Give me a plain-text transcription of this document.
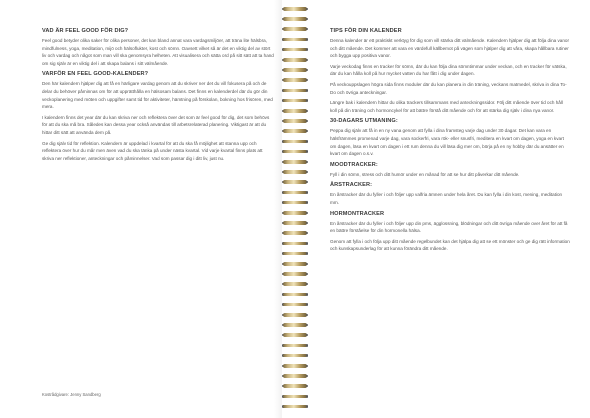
VAD ÄR FEEL GOOD FÖR DIG?

Feel good betyder olika saker för olika personer, det kan bland annat vara vardagsmiljöer, att träna lite hälsbra, mindfulness, yoga, meditation, mijö och hälsoflukter, kost och sömn. Oavsett vilket så är det en viktig del av stört liv och vardag och något som man vill ska genomsyra helheten. Att visualisera och sätta ord på sitt sätt att ta hand om sig själv är en viktig del i att skapa balans i sitt välmående.

VARFÖR EN FEEL GOOD-KALENDER?

Den här kalendern hjälper dig att få en härligare vardag genom att du skriver ner det du vill fokusera på och de delar du behöver påminnas om för att upprätthålla en hälsosam balans. Det finns en kalenderdel där du gör din veckoplanering med möten och uppgifter samt tid för aktiviteter, hämtning på förskolan, bokning hos frisören, med mera.

I kalendern finns det year där du kan skriva ner och reflektera över det som är feel good för dig, det som behövs för att du ska må bra. Således kan dessa year också användas till arbetsrelaterad planering. Viktigast är att du hittar ditt sätt att använda dem på.

Ge dig själv tid för reflektion. Kalendern är uppdelad i kvartal för att du ska få möjlighet att stanna upp och reflektera över hur du mår men även vad du ska tänka på under nästa kvartal. Vid varje kvartal finns plats att skriva ner reflektioner, anteckningar och påminnelser. Vad som passar dig i ditt liv, just nu.

Kostrådgivare: Jenny Sandberg
TIPS FÖR DIN KALENDER

Denna kalender är ett praktiskt verktyg för dig som vill stärka ditt välmående. Kalendern hjälper dig att följa dina vanor och ditt mående. Det kommer att vara en värdefull källbemot på vägen som hjälper dig att våra, skapa hållbara rutiner och bygga upp positiva vanor.

Varje veckodag finns en tracker för sömn, där du kan följa dina sömntimmar under veckan, och en tracker för vätska, där du kan hålla koll på hur mycket vatten du har fått i dig under dagen.

På veckouppslagen högra sida finns moduler där du kan planera in din träning, veckans matmedel, skriva in dina To-Do och övriga anteckningar.

Längre bak i kalendern hittar du olika trackers tillsammans med anteckningssidor. Följ ditt mående över tid och håll koll på din träning och hormoncykel för att bättre förstå ditt mående och för att stärka dig själv i dina nya vanor.

30-DAGARS UTMANING:

Peppa dig själv att få in en ny vana genom att fylla i dina framsteg varje dag under 30 dagar. Det kan vara en hälsfrämmes promenad varje dag, vara sockerfri, vara rök- eller snusfri, meditera en kvart om dagen, yoga en kvart om dagen, läsa en kvart om dagen i ett rum denna du vill läsa dig mer om, börja på en ny hobby där du ansätter en kvart om dagen o.s.v.

MOODTRACKER:

Fyll i din sömn, stress och ditt humör under en månad för att se hur ditt påverkar ditt mående.

ÅRSTRACKER:

En årstracker där du fyller i och följer upp valfria ämnen under hela året. Du kan fylla i din kost, mening, meditation mm.

HORMONTRACKER

En årstracker där du fyller i och följer upp din pms, ägglossning, blödningar och ditt övriga mående over året för att få en bättre förståelse för din hormonella hälsa.

Genom att fylla i och följa upp ditt mående regelbundet kan det hjälpa dig att se ett mönster och ge dig rätt information och kunskapsunderlag för att kunna förändra ditt mående.
